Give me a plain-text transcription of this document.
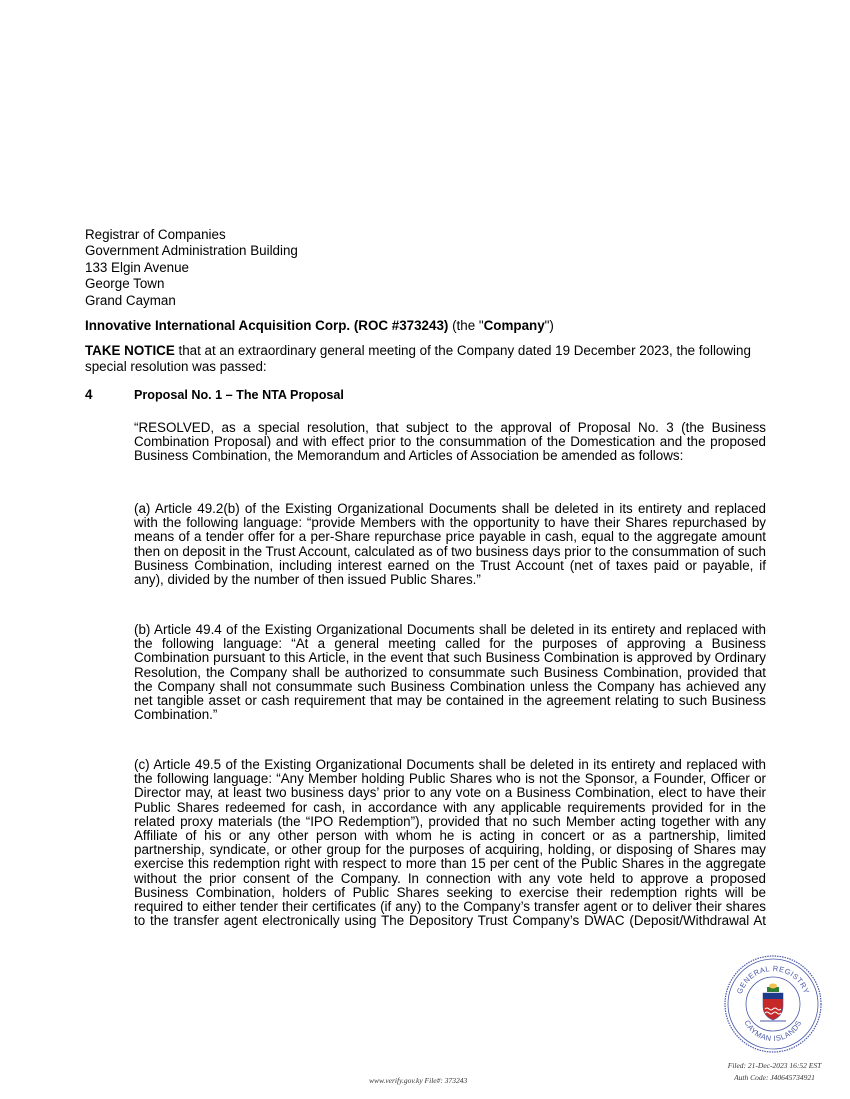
Registrar of Companies
Government Administration Building
133 Elgin Avenue
George Town
Grand Cayman
Innovative International Acquisition Corp. (ROC #373243) (the "Company")
TAKE NOTICE that at an extraordinary general meeting of the Company dated 19 December 2023, the following special resolution was passed:
4	Proposal No. 1 – The NTA Proposal
“RESOLVED, as a special resolution, that subject to the approval of Proposal No. 3 (the Business Combination Proposal) and with effect prior to the consummation of the Domestication and the proposed Business Combination, the Memorandum and Articles of Association be amended as follows:
(a) Article 49.2(b) of the Existing Organizational Documents shall be deleted in its entirety and replaced with the following language: “provide Members with the opportunity to have their Shares repurchased by means of a tender offer for a per-Share repurchase price payable in cash, equal to the aggregate amount then on deposit in the Trust Account, calculated as of two business days prior to the consummation of such Business Combination, including interest earned on the Trust Account (net of taxes paid or payable, if any), divided by the number of then issued Public Shares.”
(b) Article 49.4 of the Existing Organizational Documents shall be deleted in its entirety and replaced with the following language: “At a general meeting called for the purposes of approving a Business Combination pursuant to this Article, in the event that such Business Combination is approved by Ordinary Resolution, the Company shall be authorized to consummate such Business Combination, provided that the Company shall not consummate such Business Combination unless the Company has achieved any net tangible asset or cash requirement that may be contained in the agreement relating to such Business Combination.”
(c) Article 49.5 of the Existing Organizational Documents shall be deleted in its entirety and replaced with the following language: “Any Member holding Public Shares who is not the Sponsor, a Founder, Officer or Director may, at least two business days’ prior to any vote on a Business Combination, elect to have their Public Shares redeemed for cash, in accordance with any applicable requirements provided for in the related proxy materials (the “IPO Redemption”), provided that no such Member acting together with any Affiliate of his or any other person with whom he is acting in concert or as a partnership, limited partnership, syndicate, or other group for the purposes of acquiring, holding, or disposing of Shares may exercise this redemption right with respect to more than 15 per cent of the Public Shares in the aggregate without the prior consent of the Company. In connection with any vote held to approve a proposed Business Combination, holders of Public Shares seeking to exercise their redemption rights will be required to either tender their certificates (if any) to the Company’s transfer agent or to deliver their shares to the transfer agent electronically using The Depository Trust Company’s DWAC (Deposit/Withdrawal At
GENERAL REGISTRY
CAYMAN ISLANDS
www.verify.gov.ky File#: 373243
Filed: 21-Dec-2023 16:52 EST
Auth Code: J40645734921
